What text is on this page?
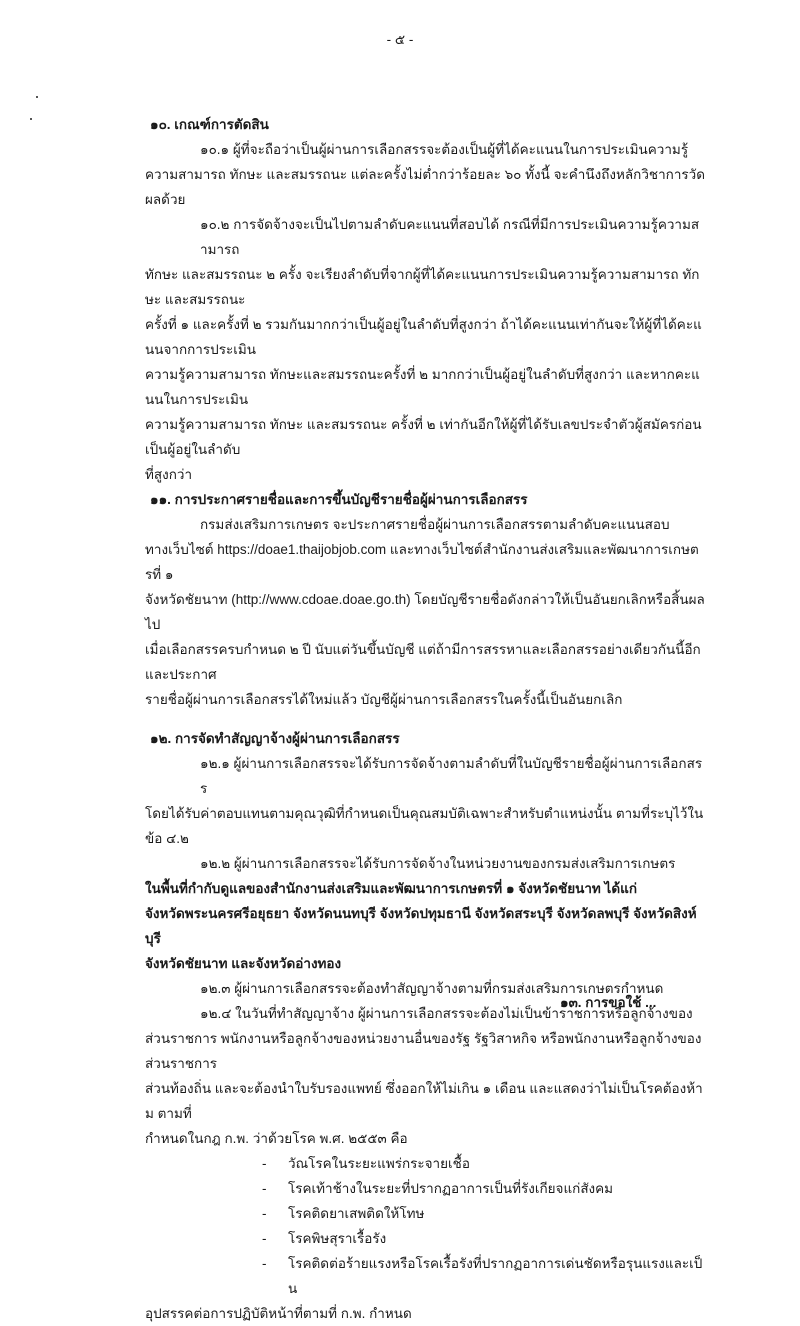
- ๕ -
๑๐. เกณฑ์การตัดสิน
๑๐.๑ ผู้ที่จะถือว่าเป็นผู้ผ่านการเลือกสรรจะต้องเป็นผู้ที่ได้คะแนนในการประเมินความรู้
ความสามารถ ทักษะ และสมรรถนะ แต่ละครั้งไม่ต่ำกว่าร้อยละ ๖๐ ทั้งนี้ จะคำนึงถึงหลักวิชาการวัดผลด้วย
๑๐.๒ การจัดจ้างจะเป็นไปตามลำดับคะแนนที่สอบได้ กรณีที่มีการประเมินความรู้ความสามารถ
ทักษะ และสมรรถนะ ๒ ครั้ง จะเรียงลำดับที่จากผู้ที่ได้คะแนนการประเมินความรู้ความสามารถ ทักษะ และสมรรถนะ
ครั้งที่ ๑ และครั้งที่ ๒ รวมกันมากกว่าเป็นผู้อยู่ในลำดับที่สูงกว่า ถ้าได้คะแนนเท่ากันจะให้ผู้ที่ได้คะแนนจากการประเมิน
ความรู้ความสามารถ ทักษะและสมรรถนะครั้งที่ ๒ มากกว่าเป็นผู้อยู่ในลำดับที่สูงกว่า และหากคะแนนในการประเมิน
ความรู้ความสามารถ ทักษะ และสมรรถนะ ครั้งที่ ๒ เท่ากันอีกให้ผู้ที่ได้รับเลขประจำตัวผู้สมัครก่อนเป็นผู้อยู่ในลำดับ
ที่สูงกว่า
๑๑. การประกาศรายชื่อและการขึ้นบัญชีรายชื่อผู้ผ่านการเลือกสรร
กรมส่งเสริมการเกษตร จะประกาศรายชื่อผู้ผ่านการเลือกสรรตามลำดับคะแนนสอบ
ทางเว็บไซต์ https://doae1.thaijobjob.com และทางเว็บไซต์สำนักงานส่งเสริมและพัฒนาการเกษตรที่ ๑
จังหวัดชัยนาท (http://www.cdoae.doae.go.th) โดยบัญชีรายชื่อดังกล่าวให้เป็นอันยกเลิกหรือสิ้นผลไป
เมื่อเลือกสรรครบกำหนด ๒ ปี นับแต่วันขึ้นบัญชี แต่ถ้ามีการสรรหาและเลือกสรรอย่างเดียวกันนี้อีก และประกาศ
รายชื่อผู้ผ่านการเลือกสรรได้ใหม่แล้ว บัญชีผู้ผ่านการเลือกสรรในครั้งนี้เป็นอันยกเลิก
๑๒. การจัดทำสัญญาจ้างผู้ผ่านการเลือกสรร
๑๒.๑ ผู้ผ่านการเลือกสรรจะได้รับการจัดจ้างตามลำดับที่ในบัญชีรายชื่อผู้ผ่านการเลือกสรร
โดยได้รับค่าตอบแทนตามคุณวุฒิที่กำหนดเป็นคุณสมบัติเฉพาะสำหรับตำแหน่งนั้น ตามที่ระบุไว้ในข้อ ๔.๒
๑๒.๒ ผู้ผ่านการเลือกสรรจะได้รับการจัดจ้างในหน่วยงานของกรมส่งเสริมการเกษตร
ในพื้นที่กำกับดูแลของสำนักงานส่งเสริมและพัฒนาการเกษตรที่ ๑ จังหวัดชัยนาท ได้แก่
จังหวัดพระนครศรีอยุธยา จังหวัดนนทบุรี จังหวัดปทุมธานี จังหวัดสระบุรี จังหวัดลพบุรี จังหวัดสิงห์บุรี
จังหวัดชัยนาท และจังหวัดอ่างทอง
๑๒.๓ ผู้ผ่านการเลือกสรรจะต้องทำสัญญาจ้างตามที่กรมส่งเสริมการเกษตรกำหนด
๑๒.๔ ในวันที่ทำสัญญาจ้าง ผู้ผ่านการเลือกสรรจะต้องไม่เป็นข้าราชการหรือลูกจ้างของ
ส่วนราชการ พนักงานหรือลูกจ้างของหน่วยงานอื่นของรัฐ รัฐวิสาหกิจ หรือพนักงานหรือลูกจ้างของส่วนราชการ
ส่วนท้องถิ่น และจะต้องนำใบรับรองแพทย์ ซึ่งออกให้ไม่เกิน ๑ เดือน และแสดงว่าไม่เป็นโรคต้องห้าม ตามที่
กำหนดในกฎ ก.พ. ว่าด้วยโรค พ.ศ. ๒๕๕๓ คือ
-	วัณโรคในระยะแพร่กระจายเชื้อ
-	โรคเท้าช้างในระยะที่ปรากฏอาการเป็นที่รังเกียจแก่สังคม
-	โรคติดยาเสพติดให้โทษ
-	โรคพิษสุราเรื้อรัง
-	โรคติดต่อร้ายแรงหรือโรคเรื้อรังที่ปรากฏอาการเด่นชัดหรือรุนแรงและเป็น
อุปสรรคต่อการปฏิบัติหน้าที่ตามที่ ก.พ. กำหนด
๑๓. การขอใช้ ...
